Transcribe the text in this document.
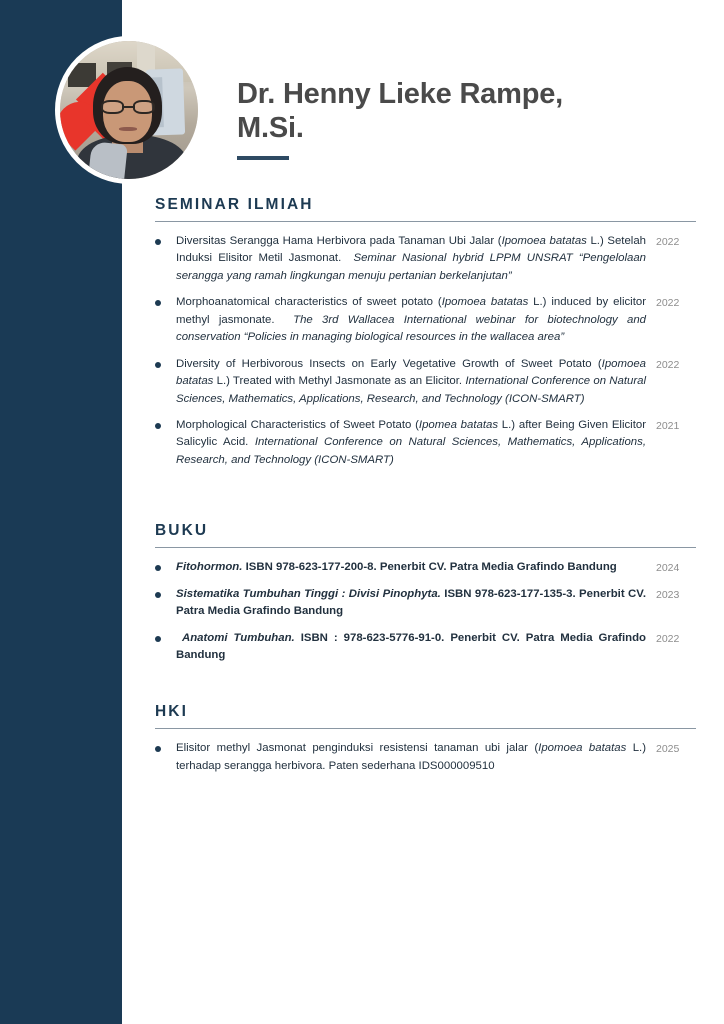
Dr. Henny Lieke Rampe,
M.Si.
SEMINAR ILMIAH
Diversitas Serangga Hama Herbivora pada Tanaman Ubi Jalar (Ipomoea batatas L.) Setelah Induksi Elisitor Metil Jasmonat.  Seminar Nasional hybrid LPPM UNSRAT “Pengelolaan serangga yang ramah lingkungan menuju pertanian berkelanjutan”
2022
Morphoanatomical characteristics of sweet potato (Ipomoea batatas L.) induced by elicitor methyl jasmonate.  The 3rd Wallacea International webinar for biotechnology and conservation “Policies in managing biological resources in the wallacea area”
2022
Diversity of Herbivorous Insects on Early Vegetative Growth of Sweet Potato (Ipomoea batatas L.) Treated with Methyl Jasmonate as an Elicitor. International Conference on Natural Sciences, Mathematics, Applications, Research, and Technology (ICON-SMART)
2022
Morphological Characteristics of Sweet Potato (Ipomea batatas L.) after Being Given Elicitor Salicylic Acid. International Conference on Natural Sciences, Mathematics, Applications, Research, and Technology (ICON-SMART)
2021
BUKU
Fitohormon. ISBN 978-623-177-200-8. Penerbit CV. Patra Media Grafindo Bandung	2024
Sistematika Tumbuhan Tinggi : Divisi Pinophyta. ISBN 978-623-177-135-3. Penerbit CV. Patra Media Grafindo Bandung
2023
Anatomi Tumbuhan. ISBN : 978-623-5776-91-0. Penerbit CV. Patra Media Grafindo Bandung
2022
HKI
Elisitor methyl Jasmonat penginduksi resistensi tanaman ubi jalar (Ipomoea batatas L.) terhadap serangga herbivora. Paten sederhana IDS000009510
2025
